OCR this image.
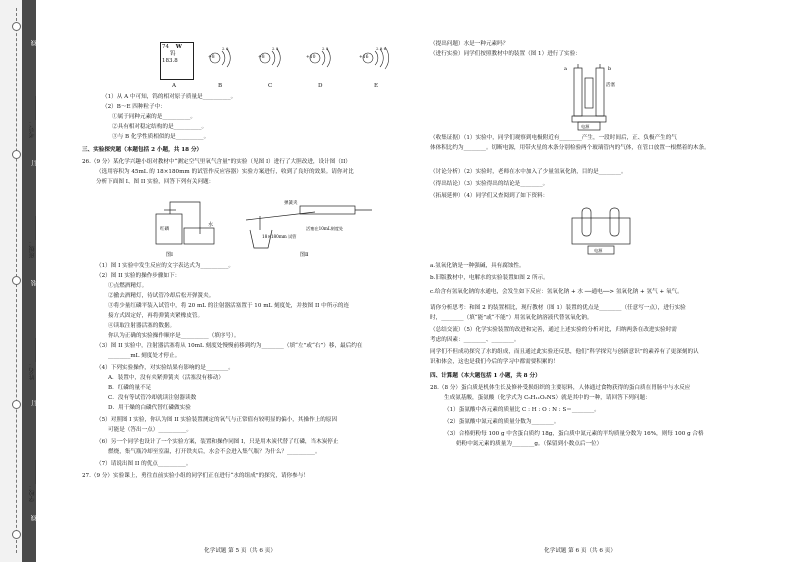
学校：________
姓名：________
班级：________
考号：________
线
订
装
订
线
74 W
钨
183.8
+8	+8	+10	+16
2 6	2 8	2 8	2 8 6
A	B	C	D	E
（1）从 A 中可知，钨的相对原子质量是__________。
（2）B～E 四种粒子中：
①属于同种元素的是__________。
②具有相对稳定结构的是__________。
③与 B 化学性质相似的是__________。
三、实验探究题（本题包括 2 小题，共 18 分）
26.（9 分）某化学兴趣小组对教材中“测定空气里氧气含量”的实验（见图 I）进行了大胆改进，设计图（II）
（选用容积为 45mL 的 18×180mm 的试管作反应容器）实验方案进行，收到了良好的效果。请你对比
分析下面图 I、图 II 实验，回答下列有关问题：
图Ⅰ	图Ⅱ
水
红磷
弹簧夹
18×180mm 试管
活塞在10mL刻度处
（1）图 I 实验中发生反应的文字表达式为__________。
（2）图 II 实验的操作步骤如下：
①点燃酒精灯。
②撤去酒精灯，待试管冷却后松开弹簧夹。
③将少量红磷平装入试管中，将 20 mL 的注射器活塞置于 10 mL 刻度处，并按图 II 中所示的连
接方式固定好，再将弹簧夹紧橡皮管。
④读取注射器活塞的数据。
你认为正确的实验操作顺序是__________（填序号）。
（3）图 II 实验中，注射器活塞将从 10mL 刻度处慢慢前移到约为________（填“左”或“右”）移，最后约在
________mL 刻度处才停止。
（4）下列实验操作，对实验结果有影响的是________。
A．装置中，没有夹紧弹簧夹（活塞没有移动）
B．红磷的量不足
C．没有等试管冷却就读注射器读数
D．用干燥的白磷代替红磷做实验
（5）对照图 I 实验，你认为图 II 实验装置测定的氧气与正常值有较明显的偏小，其操作上的原因
可能是（答出一点）__________。
（6）另一个同学也设计了一个实验方案，装置和操作同图 I，只是用木炭代替了红磷，当木炭停止
燃烧，集气瓶冷却至室温，打开铁夹后，水会不会进入集气瓶？为什么？__________。
（7）请说出图 II 的优点__________。
27.（9 分）实验课上，勇往直前实验小组的同学们正在进行“水的组成”的探究，请你参与！
化学试题 第 5 页（共 6 页）
（提出问题）水是一种元素吗？
（进行实验）同学们按照教材中的装置（图 1）进行了实验：
a	b
活塞
电源
（收集证据）（1）实验中，同学们观察到电极附近有________产生，一段时间后，正、负极产生的气
体体积比约为________。切断电源，用带火星的木条分别检验两个玻璃管内的气体，在管口放置一根燃着的木条。
（讨论分析）（2）实验时，老师在水中加入了少量氢氧化钠，目的是________。
（得出结论）（3）实验得出的结论是________。
（拓展延伸）（4）同学们又查阅到了如下资料：
电源
a.氢氧化钠是一种强碱，具有腐蚀性。
b.旧版教材中，电解水的实验装置如图 2 所示。
c.给含有氢氧化钠的水通电，会发生如下反应：氢氧化钠 + 水 ──通电──> 氢氧化钠 + 氢气 + 氧气。
请你分析思考：和图 2 的装置相比，现行教材（图 1）装置的优点是________（任意写一点），进行实验
时，________（填“能”或“不能”）用氢氧化钠溶液代替氢氧化钠。
（总结交流）（5）化学实验装置的改进和完善，通过上述实验的分析对比，归纳两条在改进实验时需
考虑的因素：________、________。
同学们不但成功探究了水的组成，而且通过此实验还反思，他们“科学探究与创新意识”的素养有了更深刻的认
识和体会，这也是我们今后的学习中都需要积累的！
四、计算题（本大题包括 1 小题，共 8 分）
28.（8 分）蛋白质是机体生长及修补受损组织的主要原料，人体通过食物获得的蛋白质在胃肠中与水反应
生成氨基酸，蛋氨酸（化学式为 C₅H₁₁O₂NS）就是其中的一种，请回答下列问题：
（1）蛋氨酸中各元素的质量比 C : H : O : N : S＝________。
（2）蛋氨酸中氮元素的质量分数为________。
（3）合格奶粉每 100 g 中含蛋白质约 18g，蛋白质中氮元素的平均质量分数为 16%，则每 100 g 合格
奶粉中氮元素的质量为________g。（保留到小数点后一位）
化学试题 第 6 页（共 6 页）
